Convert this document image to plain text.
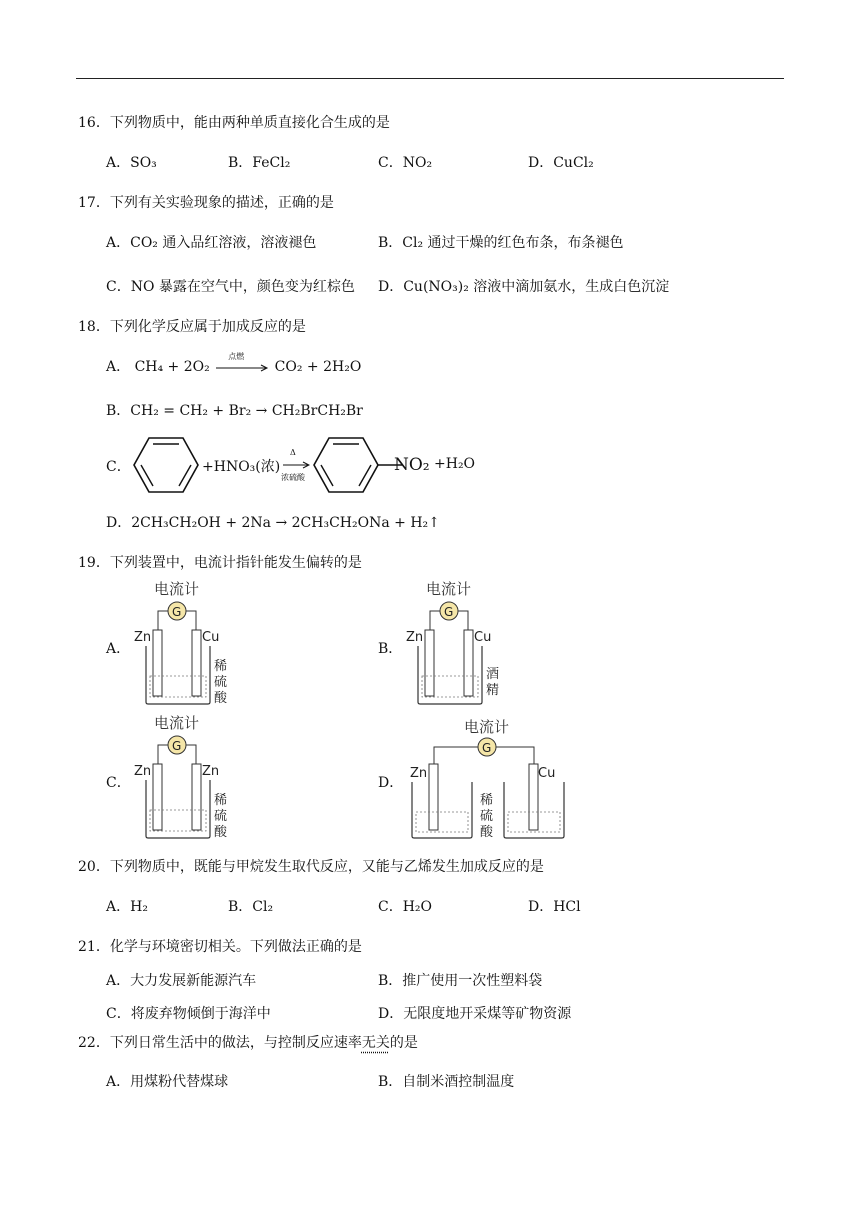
16．下列物质中，能由两种单质直接化合生成的是
A．SO₃	B．FeCl₂	C．NO₂	D．CuCl₂
17．下列有关实验现象的描述，正确的是
A．CO₂ 通入品红溶液，溶液褪色	B．Cl₂ 通过干燥的红色布条，布条褪色
C．NO 暴露在空气中，颜色变为红棕色 D．Cu(NO₃)₂ 溶液中滴加氨水，生成白色沉淀
18．下列化学反应属于加成反应的是
A． CH₄ + 2O₂
点燃
CO₂ + 2H₂O
B．CH₂ = CH₂ + Br₂ → CH₂BrCH₂Br
C．	+HNO₃(浓)
Δ
浓硫酸
NO₂ +H₂O
D．2CH₃CH₂OH + 2Na → 2CH₃CH₂ONa + H₂↑
19．下列装置中，电流计指针能发生偏转的是
A．
电流计
G
Zn	Cu
稀
硫
酸
B．
电流计
G
Zn	Cu
酒
精
C．
电流计
G
Zn	Zn
稀
硫
酸
D．
电流计
G
Zn	Cu
稀
硫
酸
20．下列物质中，既能与甲烷发生取代反应，又能与乙烯发生加成反应的是
A．H₂	B．Cl₂	C．H₂O	D．HCl
21．化学与环境密切相关。下列做法正确的是
A．大力发展新能源汽车	B．推广使用一次性塑料袋
C．将废弃物倾倒于海洋中	D．无限度地开采煤等矿物资源
22．下列日常生活中的做法，与控制反应速率无关的是
A．用煤粉代替煤球	B．自制米酒控制温度
